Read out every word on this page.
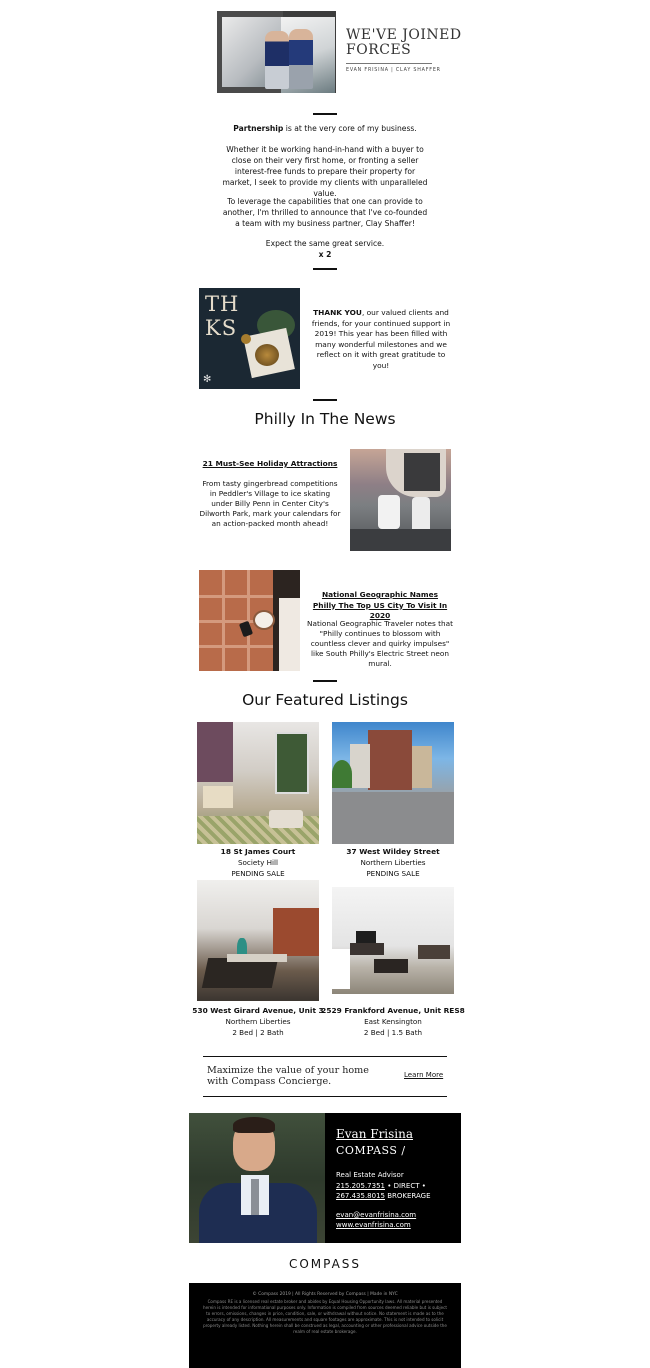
WE'VE JOINED FORCES
EVAN FRISINA | CLAY SHAFFER
Partnership is at the very core of my business.
Whether it be working hand-in-hand with a buyer to close on their very first home, or fronting a seller interest-free funds to prepare their property for market, I seek to provide my clients with unparalleled value.
To leverage the capabilities that one can provide to another, I'm thrilled to announce that I've co-founded a team with my business partner, Clay Shaffer!
Expect the same great service.
x 2
TH
KS
✻
THANK YOU, our valued clients and friends, for your continued support in 2019! This year has been filled with many wonderful milestones and we reflect on it with great gratitude to you!
Philly In The News
21 Must-See Holiday Attractions
From tasty gingerbread competitions in Peddler's Village to ice skating under Billy Penn in Center City's Dilworth Park, mark your calendars for an action-packed month ahead!
National Geographic Names Philly The Top US City To Visit In 2020
National Geographic Traveler notes that "Philly continues to blossom with countless clever and quirky impulses" like South Philly's Electric Street neon mural.
Our Featured Listings
18 St James Court
Society Hill
PENDING SALE
37 West Wildey Street
Northern Liberties
PENDING SALE
530 West Girard Avenue, Unit 3
Northern Liberties
2 Bed | 2 Bath
2529 Frankford Avenue, Unit RES8
East Kensington
2 Bed | 1.5 Bath
Maximize the value of your home with Compass Concierge.
Learn More
Evan Frisina
COMPASS /
Real Estate Advisor
215.205.7351 • DIRECT •
267.435.8015 BROKERAGE
evan@evanfrisina.com
www.evanfrisina.com
COMPASS
© Compass 2019 | All Rights Reserved by Compass | Made in NYC
Compass RE is a licensed real estate broker and abides by Equal Housing Opportunity laws. All material presented herein is intended for informational purposes only. Information is compiled from sources deemed reliable but is subject to errors, omissions, changes in price, condition, sale, or withdrawal without notice. No statement is made as to the accuracy of any description. All measurements and square footages are approximate. This is not intended to solicit property already listed. Nothing herein shall be construed as legal, accounting or other professional advice outside the realm of real estate brokerage.
